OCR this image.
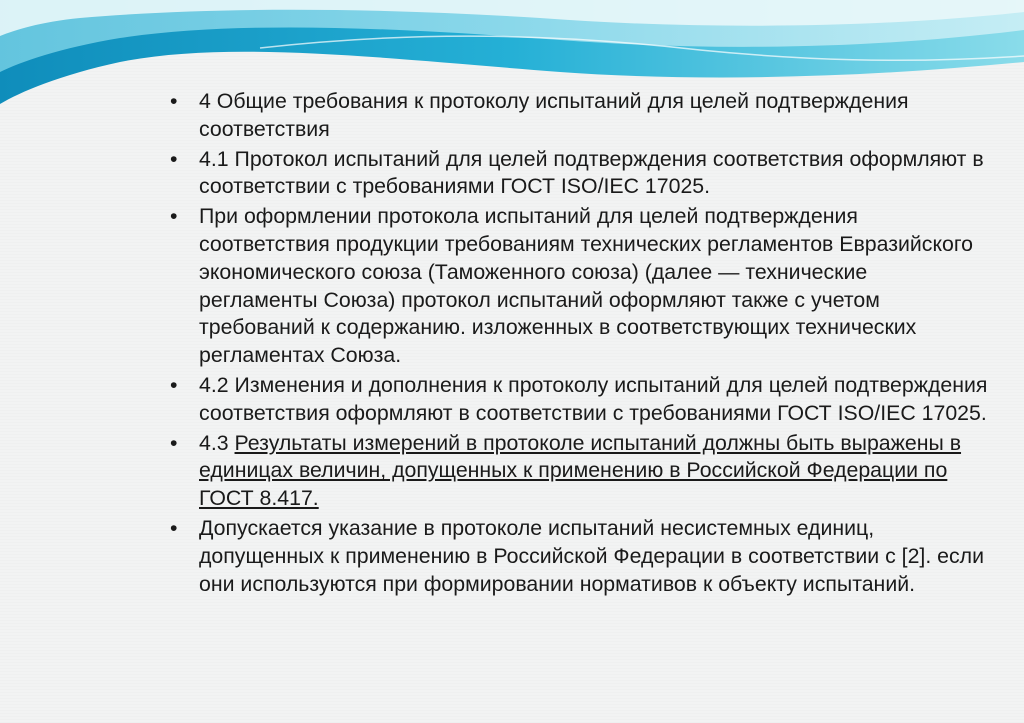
• 4 Общие требования к протоколу испытаний для целей подтверждения соответствия
• 4.1 Протокол испытаний для целей подтверждения соответствия оформляют в соответствии с требованиями ГОСТ ISO/IEC 17025.
• При оформлении протокола испытаний для целей подтверждения соответствия продукции требованиям технических регламентов Евразийского экономического союза (Таможенного союза) (далее — технические регламенты Союза) протокол испытаний оформляют также с учетом требований к содержанию. изложенных в соответствующих технических регламентах Союза.
• 4.2 Изменения и дополнения к протоколу испытаний для целей подтверждения соответствия оформляют в соответствии с требованиями ГОСТ ISO/IEC 17025.
• 4.3 Результаты измерений в протоколе испытаний должны быть выражены в единицах величин, допущенных к применению в Российской Федерации по ГОСТ 8.417.
• Допускается указание в протоколе испытаний несистемных единиц, допущенных к применению в Российской Федерации в соответствии с [2]. если они используются при формировании нормативов к объекту испытаний.
